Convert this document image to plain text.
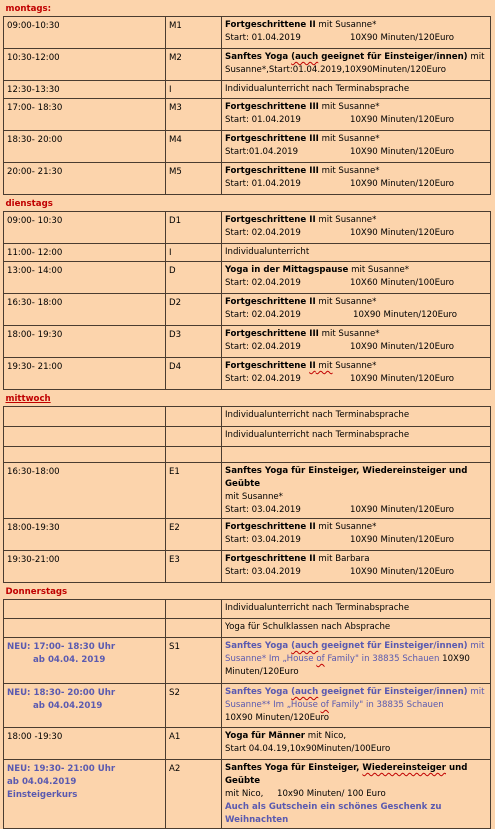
montags:		
09:00-10:30	M1	Fortgeschrittene II mit Susanne*
Start: 01.04.2019 10X90 Minuten/120Euro
10:30-12:00	M2	Sanftes Yoga (auch geeignet für Einsteiger/innen) mit
Susanne*,Start:01.04.2019,10X90Minuten/120Euro
12:30-13:30	I	Individualunterricht nach Terminabsprache
17:00- 18:30	M3	Fortgeschrittene III mit Susanne*
Start: 01.04.2019 10X90 Minuten/120Euro
18:30- 20:00	M4	Fortgeschrittene III mit Susanne*
Start:01.04.2019 10X90 Minuten/120Euro
20:00- 21:30	M5	Fortgeschrittene III mit Susanne*
Start: 01.04.2019 10X90 Minuten/120Euro
dienstags		
09:00- 10:30	D1	Fortgeschrittene II mit Susanne*
Start: 02.04.2019 10X90 Minuten/120Euro
11:00- 12:00	I	Individualunterricht
13:00- 14:00	D	Yoga in der Mittagspause mit Susanne*
Start: 02.04.2019 10X60 Minuten/100Euro
16:30- 18:00	D2	Fortgeschrittene II mit Susanne*
Start: 02.04.2019 10X90 Minuten/120Euro
18:00- 19:30	D3	Fortgeschrittene III mit Susanne*
Start: 02.04.2019 10X90 Minuten/120Euro
19:30- 21:00	D4	Fortgeschrittene II mit Susanne*
Start: 02.04.2019 10X90 Minuten/120Euro
mittwoch		
		Individualunterricht nach Terminabsprache
		Individualunterricht nach Terminabsprache

16:30-18:00	E1	Sanftes Yoga für Einsteiger, Wiedereinsteiger und Geübte
mit Susanne*
Start: 03.04.2019 10X90 Minuten/120Euro
18:00-19:30	E2	Fortgeschrittene II mit Susanne*
Start: 03.04.2019 10X90 Minuten/120Euro
19:30-21:00	E3	Fortgeschrittene II mit Barbara
Start: 03.04.2019 10X90 Minuten/120Euro
Donnerstags		
		Individualunterricht nach Terminabsprache
		Yoga für Schulklassen nach Absprache
NEU: 17:00- 18:30 Uhr
ab 04.04. 2019	S1	Sanftes Yoga (auch geeignet für Einsteiger/innen) mit
Susanne* Im „House of Family" in 38835 Schauen 10X90
Minuten/120Euro
NEU: 18:30- 20:00 Uhr
ab 04.04.2019	S2	Sanftes Yoga (auch geeignet für Einsteiger/innen) mit
Susanne** Im „House of Family" in 38835 Schauen
10X90 Minuten/120Euro
18:00 -19:30	A1	Yoga für Männer mit Nico,
Start 04.04.19,10x90Minuten/100Euro
NEU: 19:30- 21:00 Uhr
ab 04.04.2019
Einsteigerkurs	A2	Sanftes Yoga für Einsteiger, Wiedereinsteiger und Geübte
mit Nico, 10x90 Minuten/ 100 Euro
Auch als Gutschein ein schönes Geschenk zu Weihnachten
